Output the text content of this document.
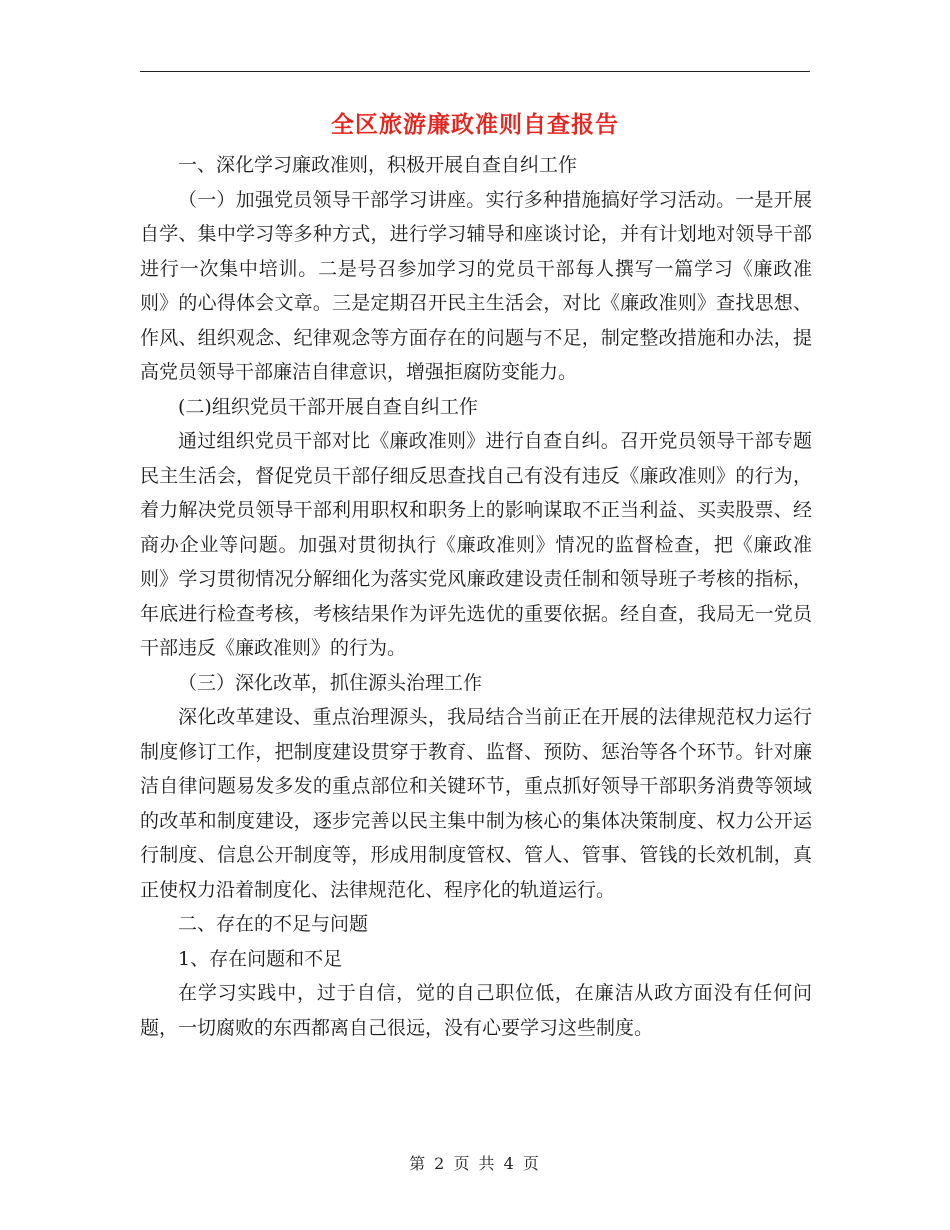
全区旅游廉政准则自查报告

一、深化学习廉政准则，积极开展自查自纠工作

（一）加强党员领导干部学习讲座。实行多种措施搞好学习活动。一是开展自学、集中学习等多种方式，进行学习辅导和座谈讨论，并有计划地对领导干部进行一次集中培训。二是号召参加学习的党员干部每人撰写一篇学习《廉政准则》的心得体会文章。三是定期召开民主生活会，对比《廉政准则》查找思想、作风、组织观念、纪律观念等方面存在的问题与不足，制定整改措施和办法，提高党员领导干部廉洁自律意识，增强拒腐防变能力。

(二)组织党员干部开展自查自纠工作

通过组织党员干部对比《廉政准则》进行自查自纠。召开党员领导干部专题民主生活会，督促党员干部仔细反思查找自己有没有违反《廉政准则》的行为，着力解决党员领导干部利用职权和职务上的影响谋取不正当利益、买卖股票、经商办企业等问题。加强对贯彻执行《廉政准则》情况的监督检查，把《廉政准则》学习贯彻情况分解细化为落实党风廉政建设责任制和领导班子考核的指标，年底进行检查考核，考核结果作为评先选优的重要依据。经自查，我局无一党员干部违反《廉政准则》的行为。

（三）深化改革，抓住源头治理工作

深化改革建设、重点治理源头，我局结合当前正在开展的法律规范权力运行制度修订工作，把制度建设贯穿于教育、监督、预防、惩治等各个环节。针对廉洁自律问题易发多发的重点部位和关键环节，重点抓好领导干部职务消费等领域的改革和制度建设，逐步完善以民主集中制为核心的集体决策制度、权力公开运行制度、信息公开制度等，形成用制度管权、管人、管事、管钱的长效机制，真正使权力沿着制度化、法律规范化、程序化的轨道运行。

二、存在的不足与问题

1、存在问题和不足

在学习实践中，过于自信，觉的自己职位低，在廉洁从政方面没有任何问题，一切腐败的东西都离自己很远，没有心要学习这些制度。

第 2 页 共 4 页
